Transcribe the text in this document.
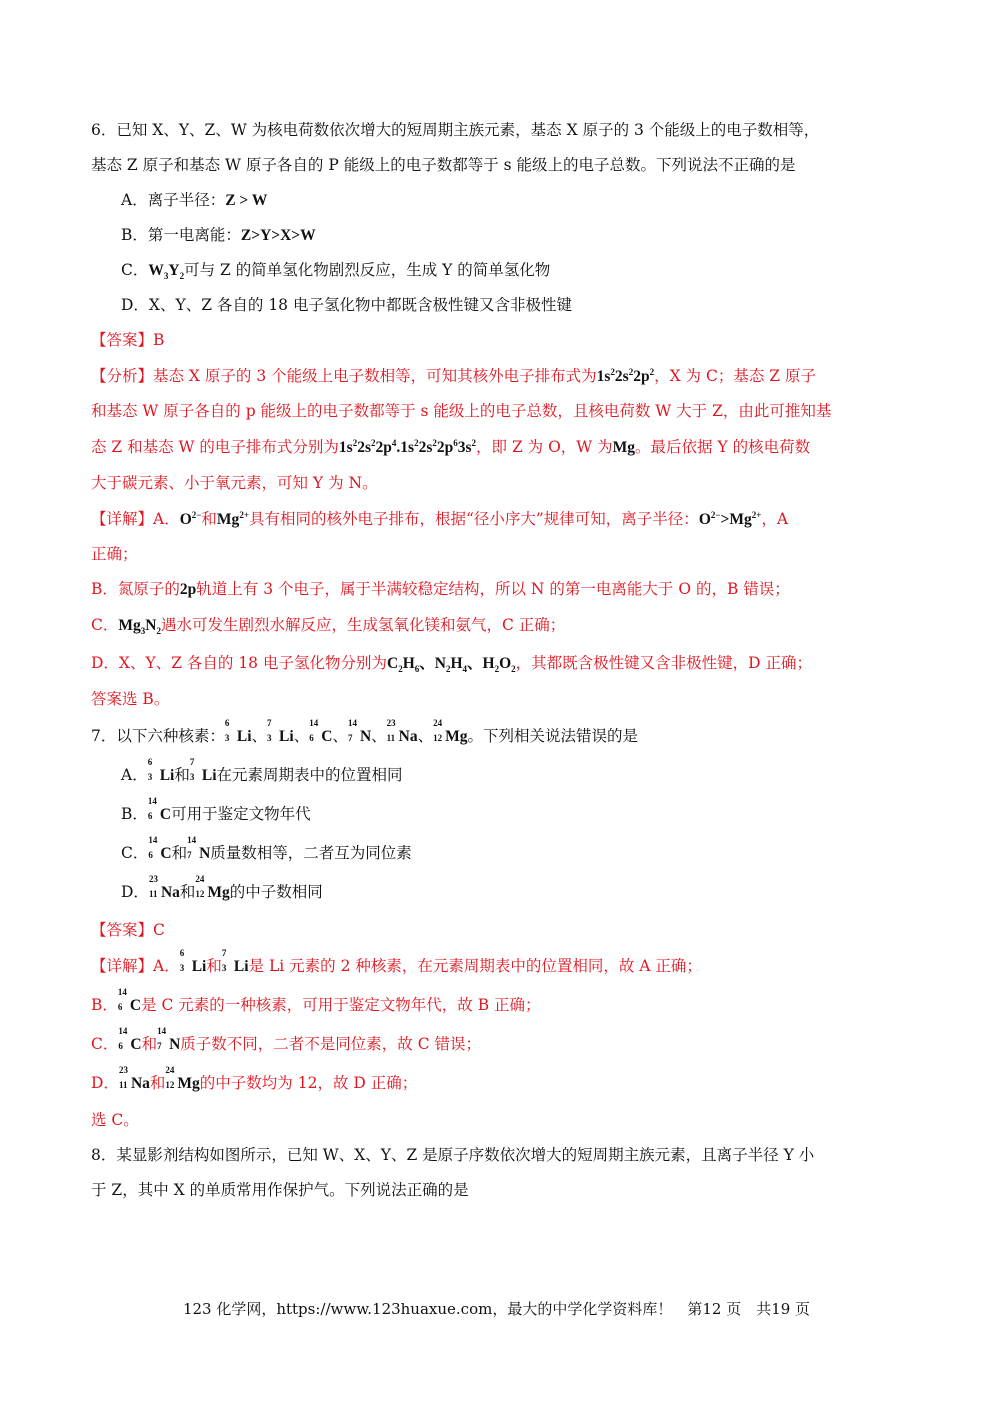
6．已知 X、Y、Z、W 为核电荷数依次增大的短周期主族元素，基态 X 原子的 3 个能级上的电子数相等，
基态 Z 原子和基态 W 原子各自的 P 能级上的电子数都等于 s 能级上的电子总数。下列说法不正确的是
A．离子半径：Z > W
B．第一电离能：Z>Y>X>W
C．$W_3Y_2$可与 Z 的简单氢化物剧烈反应，生成 Y 的简单氢化物
D．X、Y、Z 各自的 18 电子氢化物中都既含极性键又含非极性键
【答案】B
【分析】基态 X 原子的 3 个能级上电子数相等，可知其核外电子排布式为$1s^22s^22p^2$，X 为 C；基态 Z 原子
和基态 W 原子各自的 p 能级上的电子数都等于 s 能级上的电子总数，且核电荷数 W 大于 Z，由此可推知基
态 Z 和基态 W 的电子排布式分别为$1s^22s^22p^4.1s^22s^22p^63s^2$，即 Z 为 O，W 为Mg。最后依据 Y 的核电荷数
大于碳元素、小于氧元素，可知 Y 为 N。
【详解】A．$O^{2-}$和$Mg^{2+}$具有相同的核外电子排布，根据“径小序大”规律可知，离子半径：$O^{2-}>Mg^{2+}$，A
正确；
B．氮原子的2p轨道上有 3 个电子，属于半满较稳定结构，所以 N 的第一电离能大于 O 的，B 错误；
C．$Mg_3N_2$遇水可发生剧烈水解反应，生成氢氧化镁和氨气，C 正确；
D．X、Y、Z 各自的 18 电子氢化物分别为$C_2H_6$、$N_2H_4$、$H_2O_2$，其都既含极性键又含非极性键，D 正确；
答案选 B。
7．以下六种核素：
6
3 Li、
7
3 Li、
14
6 C、
14
7 N、
23
11 Na、
24
12 Mg。下列相关说法错误的是
A．
6
3 Li和
7
3 Li在元素周期表中的位置相同
B．
14
6 C可用于鉴定文物年代
C．
14
6 C和
14
7 N质量数相等，二者互为同位素
D．
23
11 Na和
24
12 Mg的中子数相同
【答案】C
【详解】A．
6
3 Li和
7
3 Li是 Li 元素的 2 种核素，在元素周期表中的位置相同，故 A 正确；
B．
14
6 C是 C 元素的一种核素，可用于鉴定文物年代，故 B 正确；
C．
14
6 C和
14
7 N质子数不同，二者不是同位素，故 C 错误；
D．
23
11 Na和
24
12 Mg的中子数均为 12，故 D 正确；
选 C。
8．某显影剂结构如图所示，已知 W、X、Y、Z 是原子序数依次增大的短周期主族元素，且离子半径 Y 小
于 Z，其中 X 的单质常用作保护气。下列说法正确的是
123 化学网，https://www.123huaxue.com，最大的中学化学资料库！　第12 页　共19 页
